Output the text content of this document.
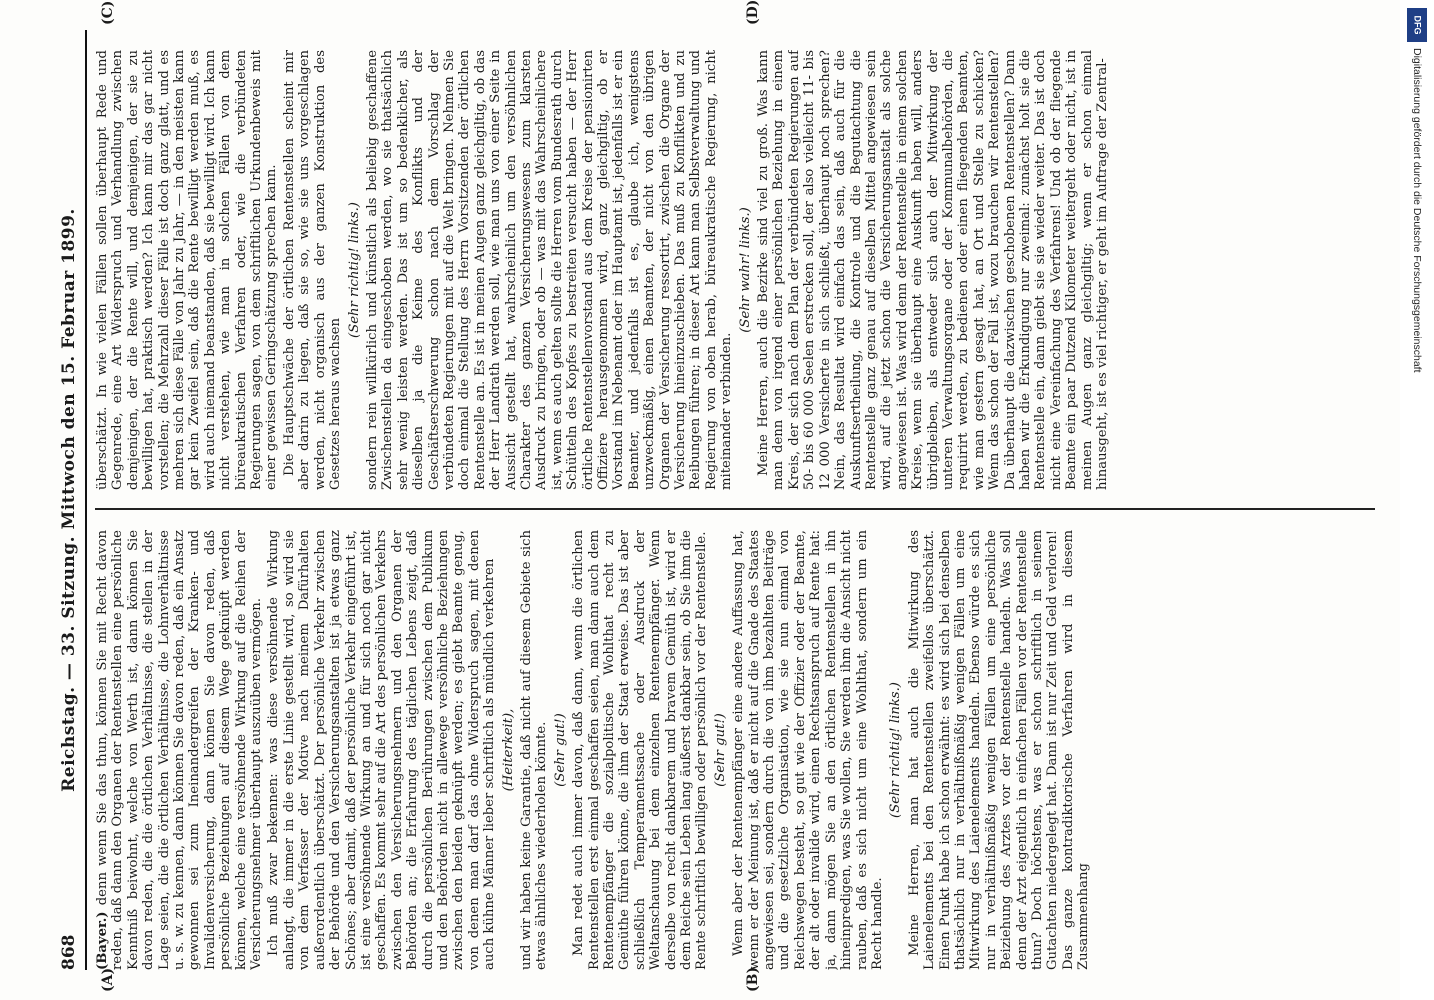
868
Reichstag. — 33. Sitzung. Mittwoch den 15. Februar 1899.
(A)	(B)
(C)	(D)

(Bayer.) denn wenn Sie das thun, können Sie mit Recht davon reden, daß dann den Organen der Rentenstellen eine persönliche Kenntniß beiwohnt, welche von Werth ist, dann können Sie davon reden, die die örtlichen Verhältnisse, die stellen in der Lage seien, die die örtlichen Verhältnisse, die Lohnverhältnisse u. s. w. zu kennen, dann können Sie davon reden, daß ein Ansatz gewonnen sei zum Ineinandergreifen der Kranken- und Invalidenversicherung, dann können Sie davon reden, daß persönliche Beziehungen auf diesem Wege geknüpft werden können, welche eine versöhnende Wirkung auf die Reihen der Versicherungsnehmer überhaupt auszuüben vermögen. Ich muß zwar bekennen: was diese versöhnende Wirkung anlangt, die immer in die erste Linie gestellt wird, so wird sie von dem Verfasser der Motive nach meinem Dafürhalten außerordentlich überschätzt. Der persönliche Verkehr zwischen der Behörde und den Versicherungsanstalten ist ja etwas ganz Schönes; aber damit, daß der persönliche Verkehr eingeführt ist, ist eine versöhnende Wirkung an und für sich noch gar nicht geschaffen. Es kommt sehr auf die Art des persönlichen Verkehrs zwischen den Versicherungsnehmern und den Organen der Behörden an; die Erfahrung des täglichen Lebens zeigt, daß durch die persönlichen Berührungen zwischen dem Publikum und den Behörden nicht in allewege versöhnliche Beziehungen zwischen den beiden geknüpft werden; es giebt Beamte genug, von denen man darf das ohne Widerspruch sagen, mit denen auch kühne Männer lieber schriftlich als mündlich verkehren (Heiterkeit), und wir haben keine Garantie, daß nicht auf diesem Gebiete sich etwas ähnliches wiederholen könnte. (Sehr gut!) Man redet auch immer davon, daß dann, wenn die örtlichen Rentenstellen erst einmal geschaffen seien, man dann auch dem Rentenempfänger die sozialpolitische Wohlthat recht zu Gemüthe führen könne, die ihm der Staat erweise. Das ist aber schließlich Temperamentssache oder Ausdruck der Weltanschauung bei dem einzelnen Rentenempfänger. Wenn derselbe von recht dankbarem und bravem Gemüth ist, wird er dem Reiche sein Leben lang äußerst dankbar sein, ob Sie ihm die Rente schriftlich bewilligen oder persönlich vor der Rentenstelle. (Sehr gut!) Wenn aber der Rentenempfänger eine andere Auffassung hat, wenn er der Meinung ist, daß er nicht auf die Gnade des Staates angewiesen sei, sondern durch die von ihm bezahlten Beiträge und die gesetzliche Organisation, wie sie nun einmal von Reichswegen besteht, so gut wie der Offizier oder der Beamte, der alt oder invalide wird, einen Rechtsanspruch auf Rente hat: ja, dann mögen Sie an den örtlichen Rentenstellen in ihn hineinpredigen, was Sie wollen, Sie werden ihm die Ansicht nicht rauben, daß es sich nicht um eine Wohlthat, sondern um ein Recht handle.

(Sehr richtig! links.) Meine Herren, man hat auch die Mitwirkung des Laienelements bei den Rentenstellen zweifellos überschätzt. Einen Punkt habe ich schon erwähnt: es wird sich bei denselben thatsächlich nur in verhältnißmäßig wenigen Fällen um eine Mitwirkung des Laienelements handeln. Ebenso würde es sich nur in verhältnißmäßig wenigen Fällen um eine persönliche Beiziehung des Arztes vor der Rentenstelle handeln. Was soll denn der Arzt eigentlich in einfachen Fällen vor der Rentenstelle thun? Doch höchstens, was er schon schriftlich in seinem Gutachten niedergelegt hat. Dann ist nur Zeit und Geld verloren! Das ganze kontradiktorische Verfahren wird in diesem Zusammenhang

überschätzt. In wie vielen Fällen sollen überhaupt Rede und Gegenrede, eine Art Widerspruch und Verhandlung zwischen demjenigen, der die Rente will, und demjenigen, der sie zu bewilligen hat, praktisch werden? Ich kann mir das gar nicht vorstellen; die Mehrzahl dieser Fälle ist doch ganz glatt, und es mehren sich diese Fälle von Jahr zu Jahr, — in den meisten kann gar kein Zweifel sein, daß die Rente bewilligt werden muß, es wird auch niemand beanstanden, daß sie bewilligt wird. Ich kann nicht verstehen, wie man in solchen Fällen von dem büreaukratischen Verfahren oder, wie die verbündeten Regierungen sagen, von dem schriftlichen Urkundenbeweis mit einer gewissen Geringschätzung sprechen kann. Die Hauptschwäche der örtlichen Rentenstellen scheint mir aber darin zu liegen, daß sie so, wie sie uns vorgeschlagen werden, nicht organisch aus der ganzen Konstruktion des Gesetzes heraus wachsen

(Sehr richtig! links.) sondern rein willkürlich und künstlich als beliebig geschaffene Zwischenstellen da eingeschoben werden, wo sie thatsächlich sehr wenig leisten werden. Das ist um so bedenklicher, als dieselben ja die Keime des Konflikts und der Geschäftserschwerung schon nach dem Vorschlag der verbündeten Regierungen mit auf die Welt bringen. Nehmen Sie doch einmal die Stellung des Herrn Vorsitzenden der örtlichen Rentenstelle an. Es ist in meinen Augen ganz gleichgiltig, ob das der Herr Landrath werden soll, wie man uns von einer Seite in Aussicht gestellt hat, wahrscheinlich um den versöhnlichen Charakter des ganzen Versicherungswesens zum klarsten Ausdruck zu bringen, oder ob — was mit das Wahrscheinlichere ist, wenn es auch gelten sollte die Herren vom Bundesrath durch Schütteln des Kopfes zu bestreiten versucht haben — der Herr örtliche Rentenstellenvorstand aus dem Kreise der pensionirten Offiziere herausgenommen wird, ganz gleichgiltig, ob er Vorstand im Nebenamt oder im Hauptamt ist, jedenfalls ist er ein Beamter, und jedenfalls ist es, glaube ich, wenigstens unzweckmäßig, einen Beamten, der nicht von den übrigen Organen der Versicherung ressortirt, zwischen die Organe der Versicherung hineinzuschieben. Das muß zu Konflikten und zu Reibungen führen; in dieser Art kann man Selbstverwaltung und Regierung von oben herab, büreaukratische Regierung, nicht miteinander verbinden.

(Sehr wahr! links.) Meine Herren, auch die Bezirke sind viel zu groß. Was kann man denn von irgend einer persönlichen Beziehung in einem Kreis, der sich nach dem Plan der verbündeten Regierungen auf 50- bis 60 000 Seelen erstrecken soll, der also vielleicht 11- bis 12 000 Versicherte in sich schließt, überhaupt noch sprechen? Nein, das Resultat wird einfach das sein, daß auch für die Auskunftsertheilung, die Kontrole und die Begutachtung die Rentenstelle ganz genau auf dieselben Mittel angewiesen sein wird, auf die jetzt schon die Versicherungsanstalt als solche angewiesen ist. Was wird denn der Rentenstelle in einem solchen Kreise, wenn sie überhaupt eine Auskunft haben will, anders übrigbleiben, als entweder sich auch der Mitwirkung der unteren Verwaltungsorgane oder der Kommunalbehörden, die requirirt werden, zu bedienen oder einen fliegenden Beamten, wie man gestern gesagt hat, an Ort und Stelle zu schicken? Wenn das schon der Fall ist, wozu brauchen wir Rentenstellen? Da überhaupt die dazwischen geschobenen Rentenstellen? Dann haben wir die Erkundigung nur zweimal: zunächst holt sie die Rentenstelle ein, dann giebt sie sie wieder weiter. Das ist doch nicht eine Vereinfachung des Verfahrens! Und ob der fliegende Beamte ein paar Dutzend Kilometer weitergeht oder nicht, ist in meinen Augen ganz gleichgiltig; wenn er schon einmal hinausgeht, ist es viel richtiger, er geht im Auftrage der Zentral-

DFG
Digitalisierung gefördert durch die Deutsche Forschungsgemeinschaft
